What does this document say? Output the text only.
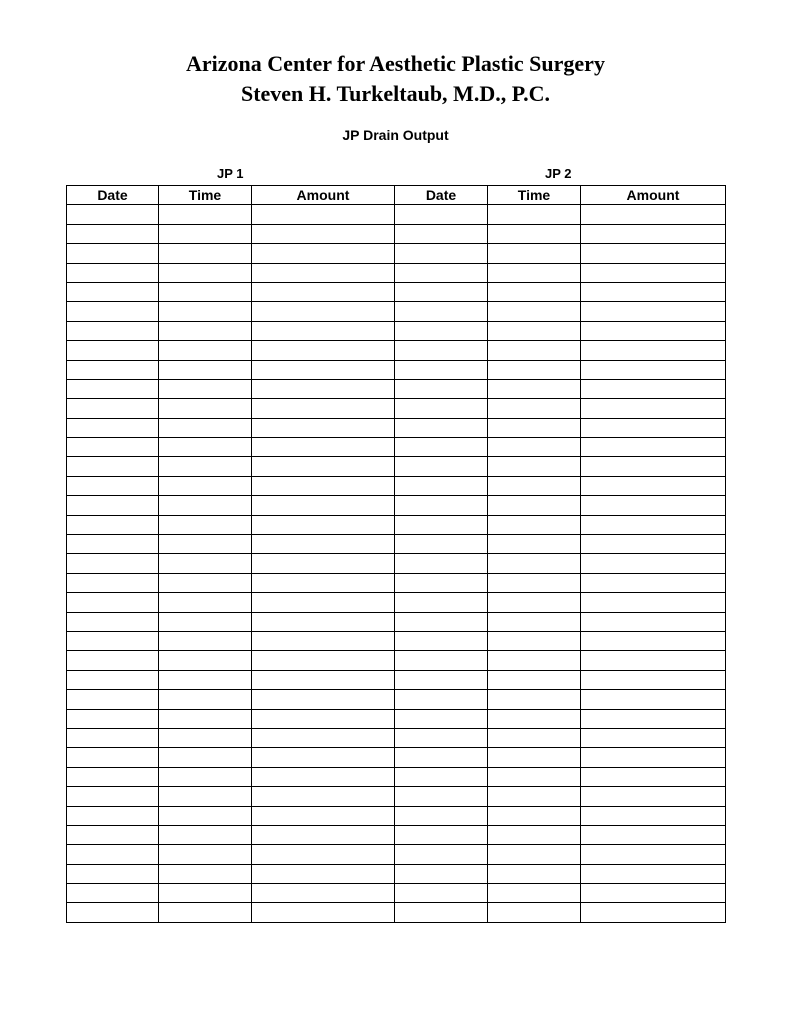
Arizona Center for Aesthetic Plastic Surgery
Steven H. Turkeltaub, M.D., P.C.
JP Drain Output
JP 1	JP 2
Date	Time	Amount	Date	Time	Amount
